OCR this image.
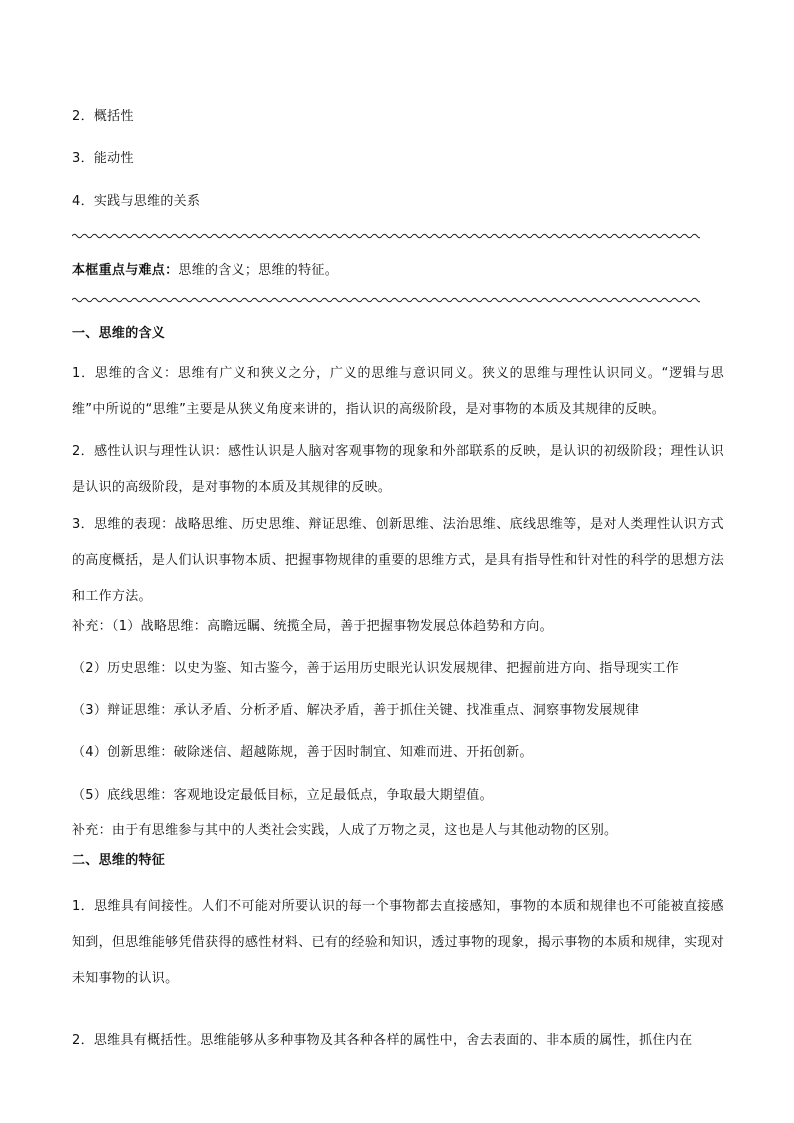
2．概括性
3．能动性
4．实践与思维的关系
本框重点与难点：思维的含义；思维的特征。
一、思维的含义
1．思维的含义：思维有广义和狭义之分，广义的思维与意识同义。狭义的思维与理性认识同义。“逻辑与思维”中所说的“思维”主要是从狭义角度来讲的，指认识的高级阶段，是对事物的本质及其规律的反映。
2．感性认识与理性认识：感性认识是人脑对客观事物的现象和外部联系的反映，是认识的初级阶段；理性认识是认识的高级阶段，是对事物的本质及其规律的反映。
3．思维的表现：战略思维、历史思维、辩证思维、创新思维、法治思维、底线思维等，是对人类理性认识方式的高度概括，是人们认识事物本质、把握事物规律的重要的思维方式，是具有指导性和针对性的科学的思想方法和工作方法。
补充：（1）战略思维：高瞻远瞩、统揽全局，善于把握事物发展总体趋势和方向。
（2）历史思维：以史为鉴、知古鉴今，善于运用历史眼光认识发展规律、把握前进方向、指导现实工作
（3）辩证思维：承认矛盾、分析矛盾、解决矛盾，善于抓住关键、找准重点、洞察事物发展规律
（4）创新思维：破除迷信、超越陈规，善于因时制宜、知难而进、开拓创新。
（5）底线思维：客观地设定最低目标，立足最低点，争取最大期望值。
补充：由于有思维参与其中的人类社会实践，人成了万物之灵，这也是人与其他动物的区别。
二、思维的特征
1．思维具有间接性。人们不可能对所要认识的每一个事物都去直接感知，事物的本质和规律也不可能被直接感知到，但思维能够凭借获得的感性材料、已有的经验和知识，透过事物的现象，揭示事物的本质和规律，实现对未知事物的认识。
2．思维具有概括性。思维能够从多种事物及其各种各样的属性中，舍去表面的、非本质的属性，抓住内在
